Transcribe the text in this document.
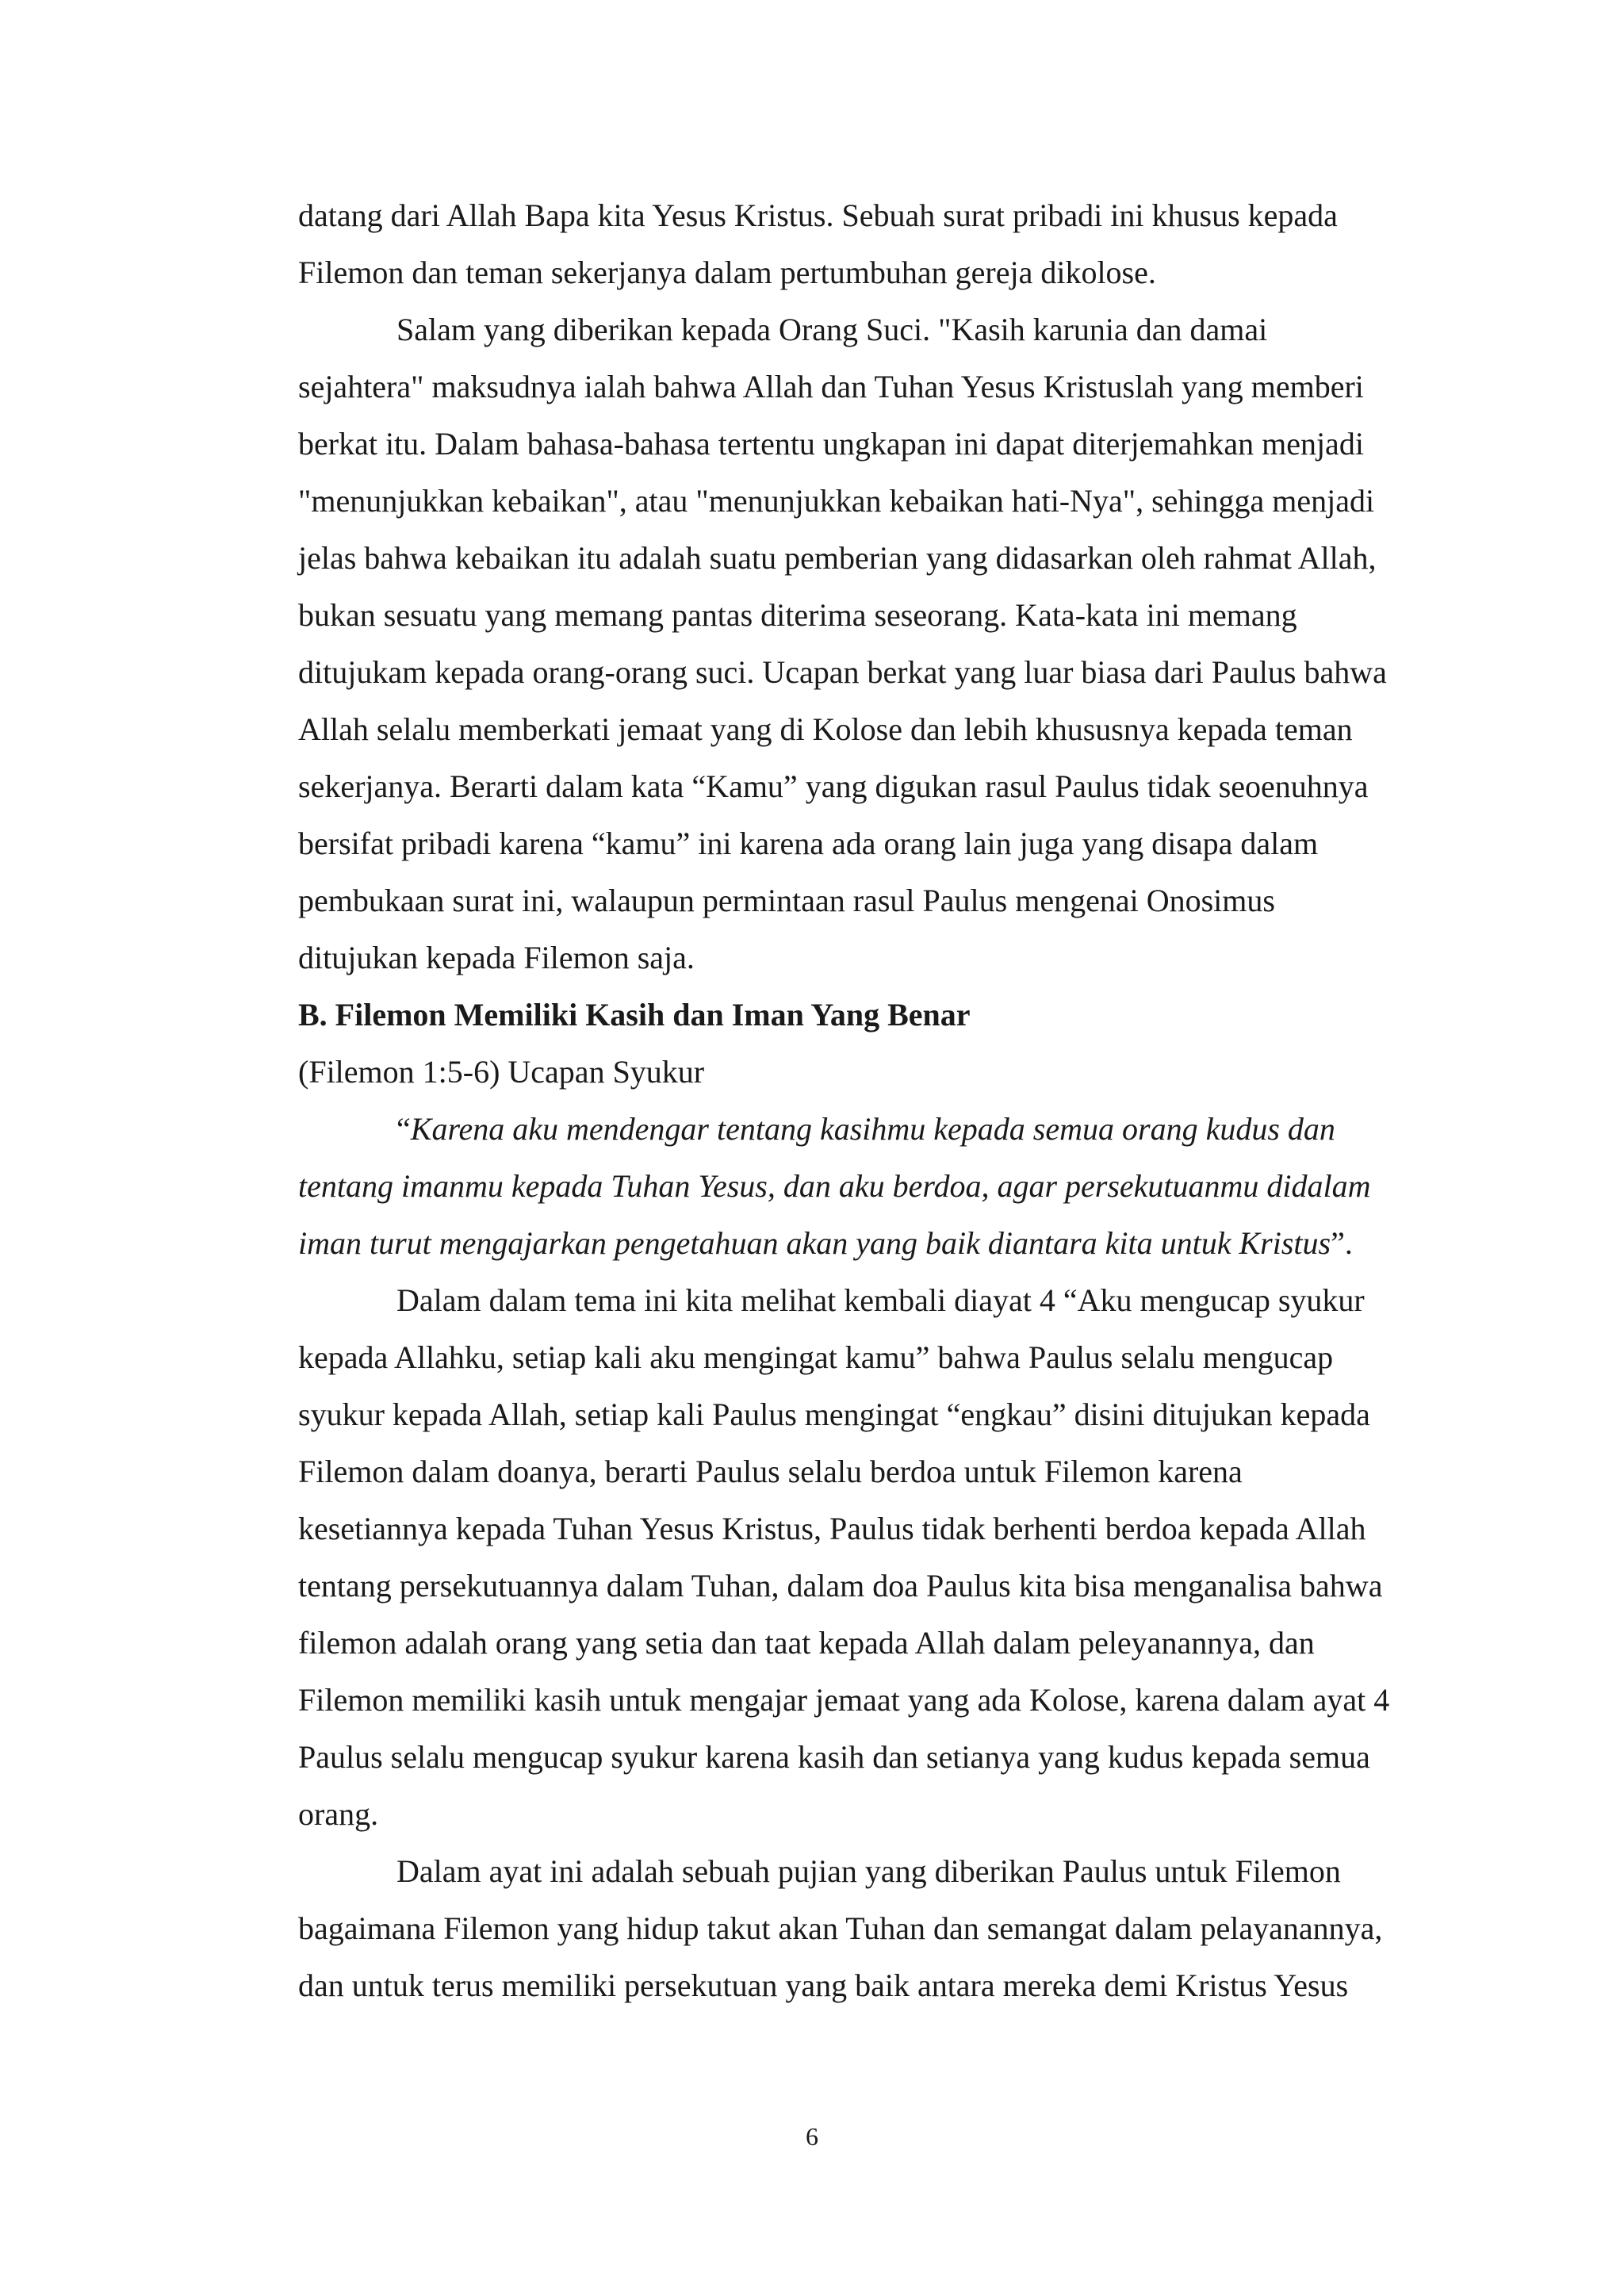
datang dari Allah Bapa kita Yesus Kristus. Sebuah surat pribadi ini khusus kepada
Filemon dan teman sekerjanya dalam pertumbuhan gereja dikolose.
Salam yang diberikan kepada Orang Suci. "Kasih karunia dan damai
sejahtera" maksudnya ialah bahwa Allah dan Tuhan Yesus Kristuslah yang memberi
berkat itu. Dalam bahasa-bahasa tertentu ungkapan ini dapat diterjemahkan menjadi
"menunjukkan kebaikan", atau "menunjukkan kebaikan hati-Nya", sehingga menjadi
jelas bahwa kebaikan itu adalah suatu pemberian yang didasarkan oleh rahmat Allah,
bukan sesuatu yang memang pantas diterima seseorang. Kata-kata ini memang
ditujukam kepada orang-orang suci. Ucapan berkat yang luar biasa dari Paulus bahwa
Allah selalu memberkati jemaat yang di Kolose dan lebih khususnya kepada teman
sekerjanya. Berarti dalam kata “Kamu” yang digukan rasul Paulus tidak seoenuhnya
bersifat pribadi karena “kamu” ini karena ada orang lain juga yang disapa dalam
pembukaan surat ini, walaupun permintaan rasul Paulus mengenai Onosimus
ditujukan kepada Filemon saja.
B. Filemon Memiliki Kasih dan Iman Yang Benar
(Filemon 1:5-6) Ucapan Syukur
“Karena aku mendengar tentang kasihmu kepada semua orang kudus dan
tentang imanmu kepada Tuhan Yesus, dan aku berdoa, agar persekutuanmu didalam
iman turut mengajarkan pengetahuan akan yang baik diantara kita untuk Kristus”.
Dalam dalam tema ini kita melihat kembali diayat 4 “Aku mengucap syukur
kepada Allahku, setiap kali aku mengingat kamu” bahwa Paulus selalu mengucap
syukur kepada Allah, setiap kali Paulus mengingat “engkau” disini ditujukan kepada
Filemon dalam doanya, berarti Paulus selalu berdoa untuk Filemon karena
kesetiannya kepada Tuhan Yesus Kristus, Paulus tidak berhenti berdoa kepada Allah
tentang persekutuannya dalam Tuhan, dalam doa Paulus kita bisa menganalisa bahwa
filemon adalah orang yang setia dan taat kepada Allah dalam peleyanannya, dan
Filemon memiliki kasih untuk mengajar jemaat yang ada Kolose, karena dalam ayat 4
Paulus selalu mengucap syukur karena kasih dan setianya yang kudus kepada semua
orang.
Dalam ayat ini adalah sebuah pujian yang diberikan Paulus untuk Filemon
bagaimana Filemon yang hidup takut akan Tuhan dan semangat dalam pelayanannya,
dan untuk terus memiliki persekutuan yang baik antara mereka demi Kristus Yesus
6
